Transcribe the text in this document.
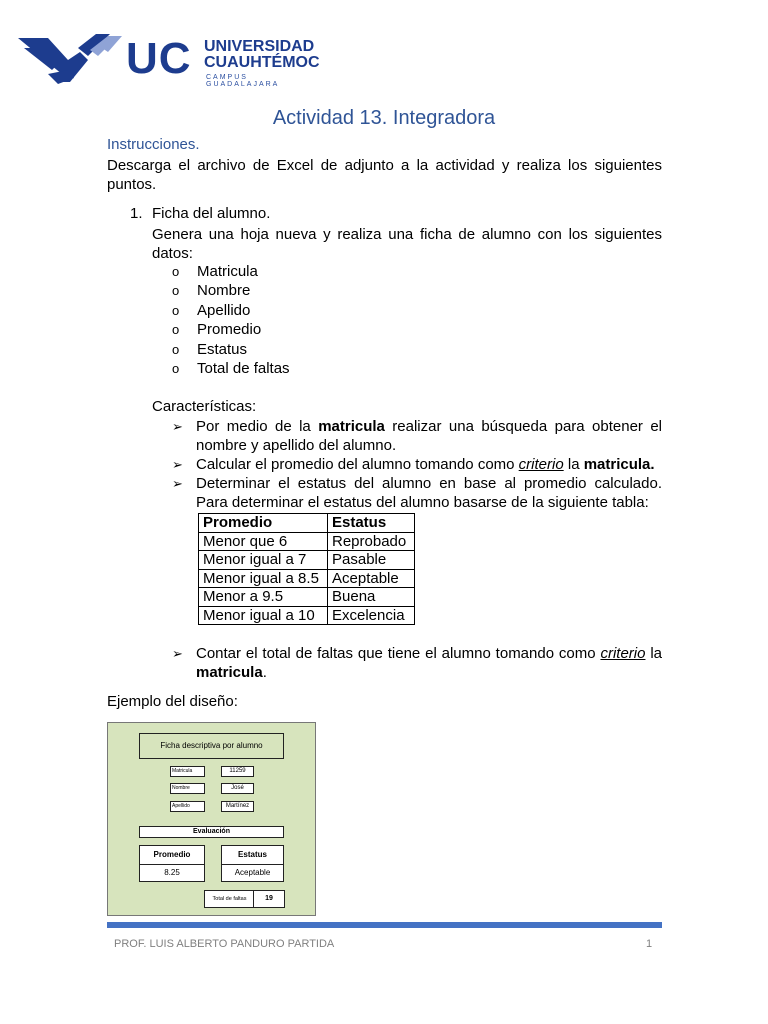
UC UNIVERSIDAD
CUAUHTÉMOC
CAMPUS GUADALAJARA
Actividad 13. Integradora
Instrucciones.
Descarga el archivo de Excel de adjunto a la actividad y realiza los siguientes puntos.
1. Ficha del alumno.
Genera una hoja nueva y realiza una ficha de alumno con los siguientes datos:
o	Matricula
o	Nombre
o	Apellido
o	Promedio
o	Estatus
o	Total de faltas
Características:
➢ Por medio de la matricula realizar una búsqueda para obtener el nombre y apellido del alumno.
➢ Calcular el promedio del alumno tomando como criterio la matricula.
➢ Determinar el estatus del alumno en base al promedio calculado. Para determinar el estatus del alumno basarse de la siguiente tabla:
Promedio	Estatus
Menor que 6	Reprobado
Menor igual a 7	Pasable
Menor igual a 8.5	Aceptable
Menor a 9.5	Buena
Menor igual a 10	Excelencia
➢ Contar el total de faltas que tiene el alumno tomando como criterio la matricula.
Ejemplo del diseño:
Ficha descriptiva por alumno
Matricula	11259
Nombre	José
Apellido	Martínez
Evaluación
Promedio
8.25
Estatus
Aceptable
Total de faltas	19
PROF. LUIS ALBERTO PANDURO PARTIDA	1
